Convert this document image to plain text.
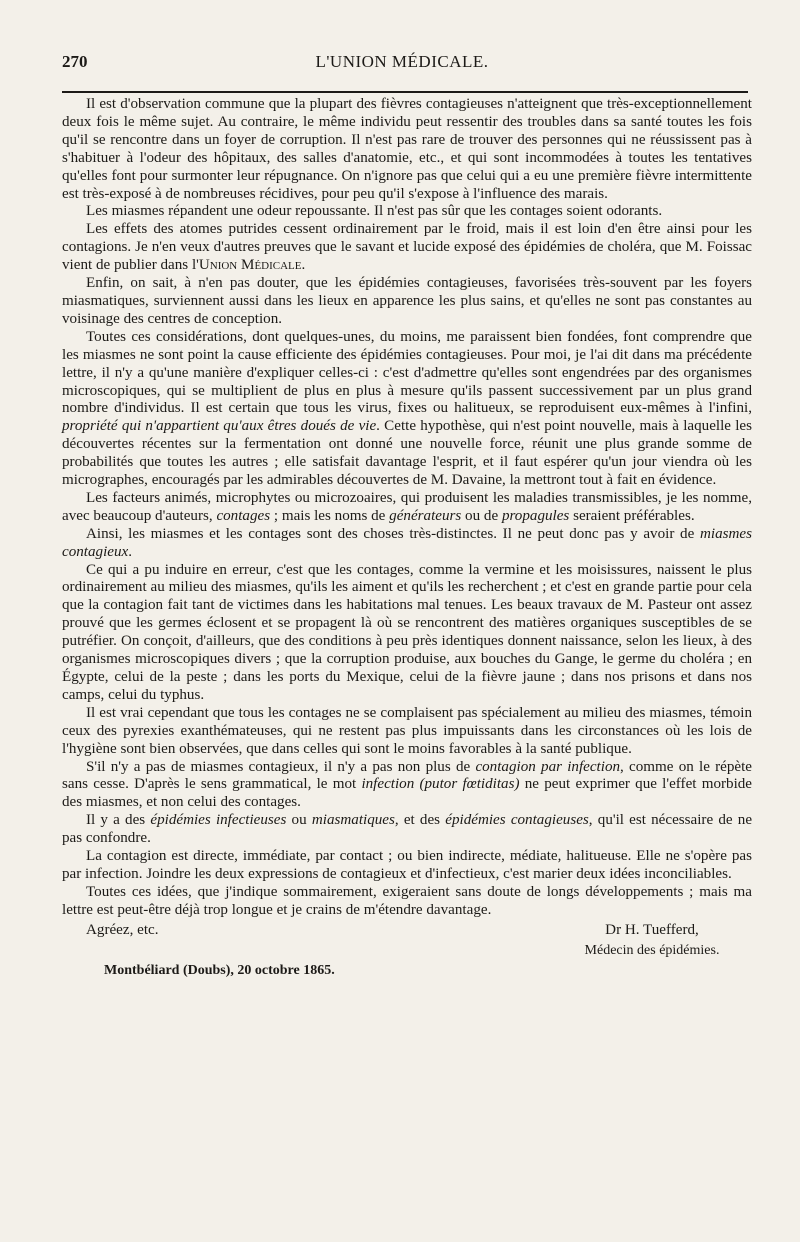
270	L'UNION MÉDICALE.

Il est d'observation commune que la plupart des fièvres contagieuses n'atteignent que très-exceptionnellement deux fois le même sujet. Au contraire, le même individu peut ressentir des troubles dans sa santé toutes les fois qu'il se rencontre dans un foyer de corruption. Il n'est pas rare de trouver des personnes qui ne réussissent pas à s'habituer à l'odeur des hôpitaux, des salles d'anatomie, etc., et qui sont incommodées à toutes les tentatives qu'elles font pour surmonter leur répugnance. On n'ignore pas que celui qui a eu une première fièvre intermittente est très-exposé à de nombreuses récidives, pour peu qu'il s'expose à l'influence des marais.

Les miasmes répandent une odeur repoussante. Il n'est pas sûr que les contages soient odorants.

Les effets des atomes putrides cessent ordinairement par le froid, mais il est loin d'en être ainsi pour les contagions. Je n'en veux d'autres preuves que le savant et lucide exposé des épidémies de choléra, que M. Foissac vient de publier dans l'Union Médicale.

Enfin, on sait, à n'en pas douter, que les épidémies contagieuses, favorisées très-souvent par les foyers miasmatiques, surviennent aussi dans les lieux en apparence les plus sains, et qu'elles ne sont pas constantes au voisinage des centres de conception.

Toutes ces considérations, dont quelques-unes, du moins, me paraissent bien fondées, font comprendre que les miasmes ne sont point la cause efficiente des épidémies contagieuses. Pour moi, je l'ai dit dans ma précédente lettre, il n'y a qu'une manière d'expliquer celles-ci : c'est d'admettre qu'elles sont engendrées par des organismes microscopiques, qui se multiplient de plus en plus à mesure qu'ils passent successivement par un plus grand nombre d'individus. Il est certain que tous les virus, fixes ou halitueux, se reproduisent eux-mêmes à l'infini, propriété qui n'appartient qu'aux êtres doués de vie. Cette hypothèse, qui n'est point nouvelle, mais à laquelle les découvertes récentes sur la fermentation ont donné une nouvelle force, réunit une plus grande somme de probabilités que toutes les autres ; elle satisfait davantage l'esprit, et il faut espérer qu'un jour viendra où les micrographes, encouragés par les admirables découvertes de M. Davaine, la mettront tout à fait en évidence.

Les facteurs animés, microphytes ou microzoaires, qui produisent les maladies transmissibles, je les nomme, avec beaucoup d'auteurs, contages ; mais les noms de générateurs ou de propagules seraient préférables.

Ainsi, les miasmes et les contages sont des choses très-distinctes. Il ne peut donc pas y avoir de miasmes contagieux.

Ce qui a pu induire en erreur, c'est que les contages, comme la vermine et les moisissures, naissent le plus ordinairement au milieu des miasmes, qu'ils les aiment et qu'ils les recherchent ; et c'est en grande partie pour cela que la contagion fait tant de victimes dans les habitations mal tenues. Les beaux travaux de M. Pasteur ont assez prouvé que les germes éclosent et se propagent là où se rencontrent des matières organiques susceptibles de se putréfier. On conçoit, d'ailleurs, que des conditions à peu près identiques donnent naissance, selon les lieux, à des organismes microscopiques divers ; que la corruption produise, aux bouches du Gange, le germe du choléra ; en Égypte, celui de la peste ; dans les ports du Mexique, celui de la fièvre jaune ; dans nos prisons et dans nos camps, celui du typhus.

Il est vrai cependant que tous les contages ne se complaisent pas spécialement au milieu des miasmes, témoin ceux des pyrexies exanthémateuses, qui ne restent pas plus impuissants dans les circonstances où les lois de l'hygiène sont bien observées, que dans celles qui sont le moins favorables à la santé publique.

S'il n'y a pas de miasmes contagieux, il n'y a pas non plus de contagion par infection, comme on le répète sans cesse. D'après le sens grammatical, le mot infection (putor fœtiditas) ne peut exprimer que l'effet morbide des miasmes, et non celui des contages.

Il y a des épidémies infectieuses ou miasmatiques, et des épidémies contagieuses, qu'il est nécessaire de ne pas confondre.

La contagion est directe, immédiate, par contact ; ou bien indirecte, médiate, halitueuse. Elle ne s'opère pas par infection. Joindre les deux expressions de contagieux et d'infectieux, c'est marier deux idées inconciliables.

Toutes ces idées, que j'indique sommairement, exigeraient sans doute de longs développements ; mais ma lettre est peut-être déjà trop longue et je crains de m'étendre davantage.

Agréez, etc.	Dr H. Tuefferd,
Médecin des épidémies.
Montbéliard (Doubs), 20 octobre 1865.
